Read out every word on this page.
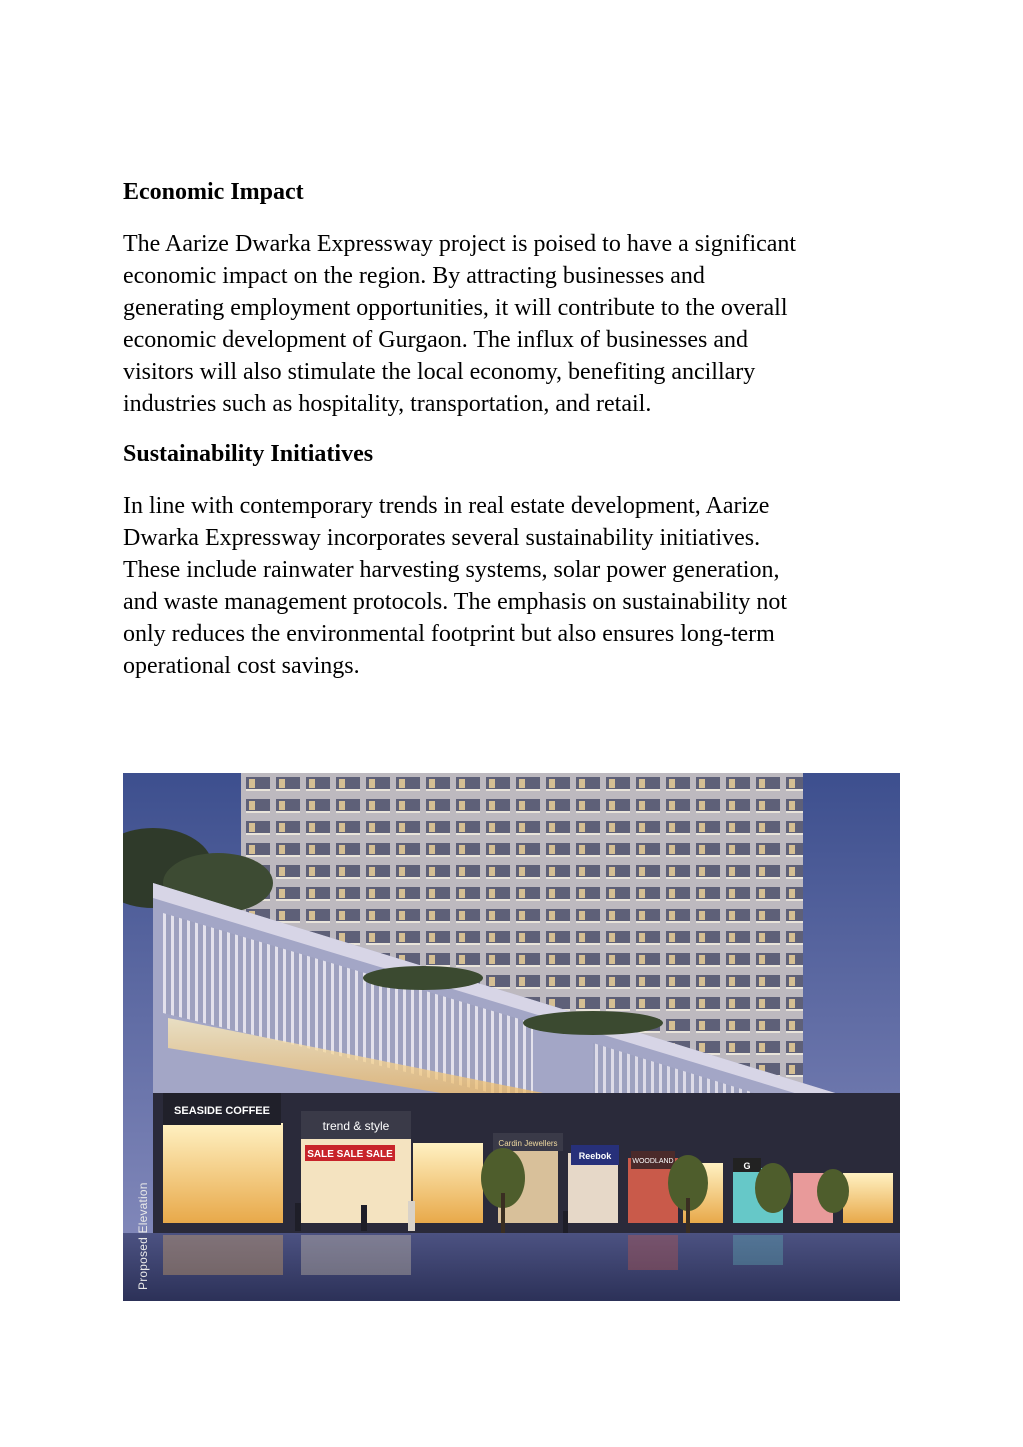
Economic Impact

The Aarize Dwarka Expressway project is poised to have a significant
economic impact on the region. By attracting businesses and
generating employment opportunities, it will contribute to the overall
economic development of Gurgaon. The influx of businesses and
visitors will also stimulate the local economy, benefiting ancillary
industries such as hospitality, transportation, and retail.

Sustainability Initiatives

In line with contemporary trends in real estate development, Aarize
Dwarka Expressway incorporates several sustainability initiatives.
These include rainwater harvesting systems, solar power generation,
and waste management protocols. The emphasis on sustainability not
only reduces the environmental footprint but also ensures long-term
operational cost savings.

SEASIDE COFFEE
trend & style
SALE SALE SALE
Cardin Jewellers
Reebok
WOODLAND	G
Proposed Elevation
